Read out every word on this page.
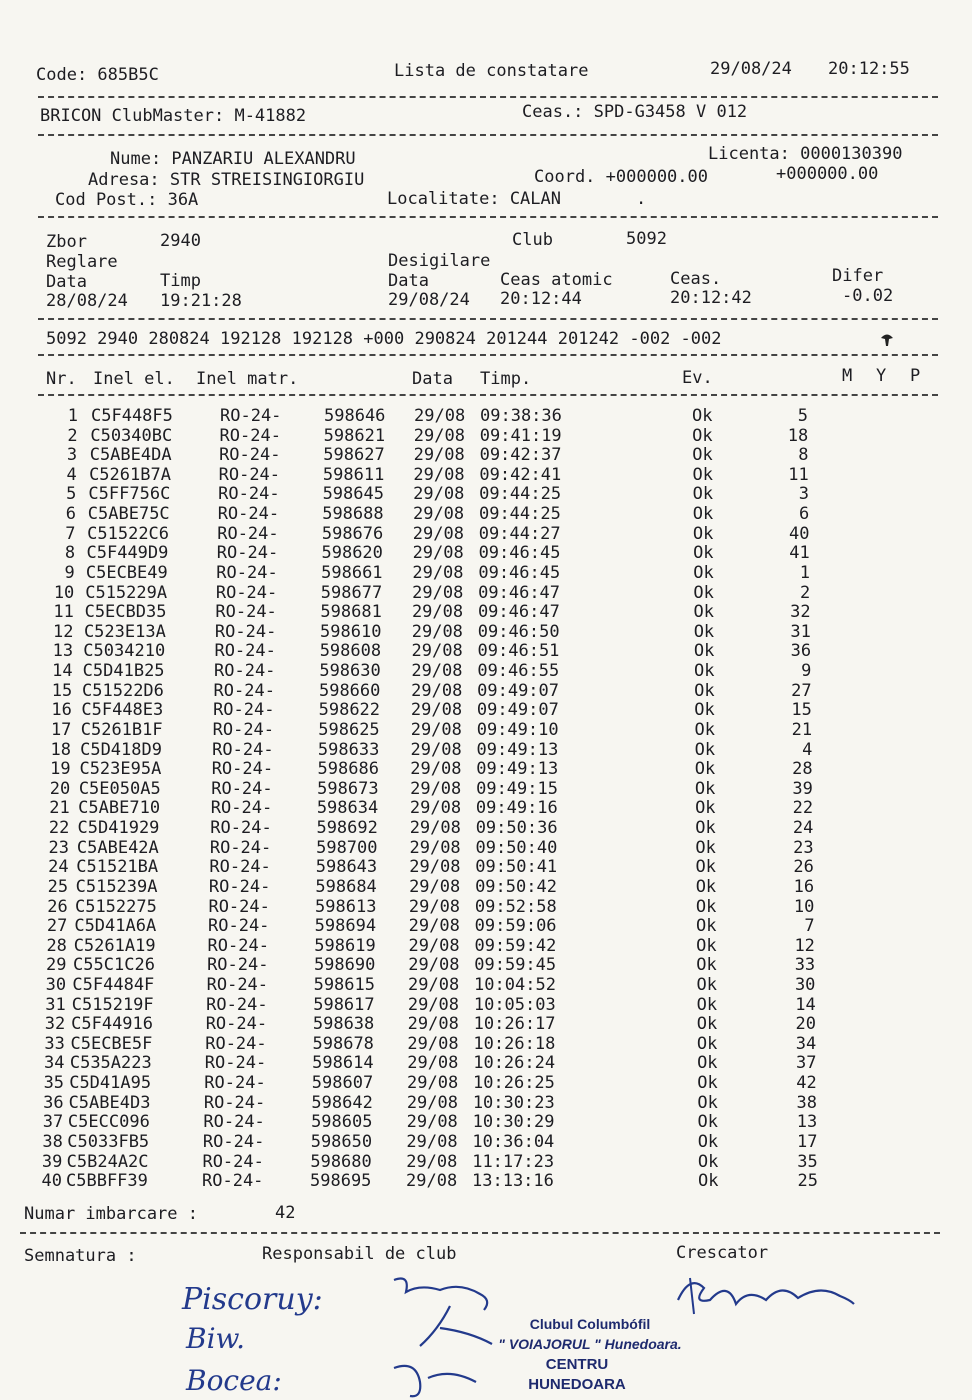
Code: 685B5C	Lista de constatare	29/08/24 20:12:55
BRICON ClubMaster: M-41882	Ceas.: SPD-G3458 V 012
Nume: PANZARIU ALEXANDRU	Licenta: 0000130390
Adresa: STR STREISINGIORGIU	Coord. +000000.00	+000000.00
Cod Post.: 36A	Localitate: CALAN	.
Zbor	2940	Club	5092
Reglare	Desigilare
Data	Timp	Data	Ceas atomic	Ceas.	Difer
28/08/24 19:21:28	29/08/24 20:12:44	20:12:42	-0.02
5092 2940 280824 192128 192128 +000 290824 201244 201242 -002 -002
Nr. Inel el. Inel matr.	Data Timp.	Ev.	M Y P
1 C5F448F5	RO-24-	598646 29/08 09:38:36	Ok	5
2 C50340BC	RO-24-	598621 29/08 09:41:19	Ok	18
3 C5ABE4DA	RO-24-	598627 29/08 09:42:37	Ok	8
4 C5261B7A	RO-24-	598611 29/08 09:42:41	Ok	11
5 C5FF756C	RO-24-	598645 29/08 09:44:25	Ok	3
6 C5ABE75C	RO-24-	598688 29/08 09:44:25	Ok	6
7 C51522C6	RO-24-	598676 29/08 09:44:27	Ok	40
8 C5F449D9	RO-24-	598620 29/08 09:46:45	Ok	41
9 C5ECBE49	RO-24-	598661 29/08 09:46:45	Ok	1
10 C515229A	RO-24-	598677 29/08 09:46:47	Ok	2
11 C5ECBD35	RO-24-	598681 29/08 09:46:47	Ok	32
12 C523E13A	RO-24-	598610 29/08 09:46:50	Ok	31
13 C5034210	RO-24-	598608 29/08 09:46:51	Ok	36
14 C5D41B25	RO-24-	598630 29/08 09:46:55	Ok	9
15 C51522D6	RO-24-	598660 29/08 09:49:07	Ok	27
16 C5F448E3	RO-24-	598622 29/08 09:49:07	Ok	15
17 C5261B1F	RO-24-	598625 29/08 09:49:10	Ok	21
18 C5D418D9	RO-24-	598633 29/08 09:49:13	Ok	4
19 C523E95A	RO-24-	598686 29/08 09:49:13	Ok	28
20 C5E050A5	RO-24-	598673 29/08 09:49:15	Ok	39
21 C5ABE710	RO-24-	598634 29/08 09:49:16	Ok	22
22 C5D41929	RO-24-	598692 29/08 09:50:36	Ok	24
23 C5ABE42A	RO-24-	598700 29/08 09:50:40	Ok	23
24 C51521BA	RO-24-	598643 29/08 09:50:41	Ok	26
25 C515239A	RO-24-	598684 29/08 09:50:42	Ok	16
26 C5152275	RO-24-	598613 29/08 09:52:58	Ok	10
27 C5D41A6A	RO-24-	598694 29/08 09:59:06	Ok	7
28 C5261A19	RO-24-	598619 29/08 09:59:42	Ok	12
29 C55C1C26	RO-24-	598690 29/08 09:59:45	Ok	33
30 C5F4484F	RO-24-	598615 29/08 10:04:52	Ok	30
31 C515219F	RO-24-	598617 29/08 10:05:03	Ok	14
32 C5F44916	RO-24-	598638 29/08 10:26:17	Ok	20
33 C5ECBE5F	RO-24-	598678 29/08 10:26:18	Ok	34
34 C535A223	RO-24-	598614 29/08 10:26:24	Ok	37
35 C5D41A95	RO-24-	598607 29/08 10:26:25	Ok	42
36 C5ABE4D3	RO-24-	598642 29/08 10:30:23	Ok	38
37 C5ECC096	RO-24-	598605 29/08 10:30:29	Ok	13
38 C5033FB5	RO-24-	598650 29/08 10:36:04	Ok	17
39 C5B24A2C	RO-24-	598680 29/08 11:17:23	Ok	35
40 C5BBFF39	RO-24-	598695 29/08 13:13:16	Ok	25
Numar imbarcare :	42
Semnatura :	Responsabil de club	Crescator
Piscoruy:
Biw.
Bocea:
Clubul Columbófil
" VOIAJORUL " Hunedoara.
CENTRU
HUNEDOARA
